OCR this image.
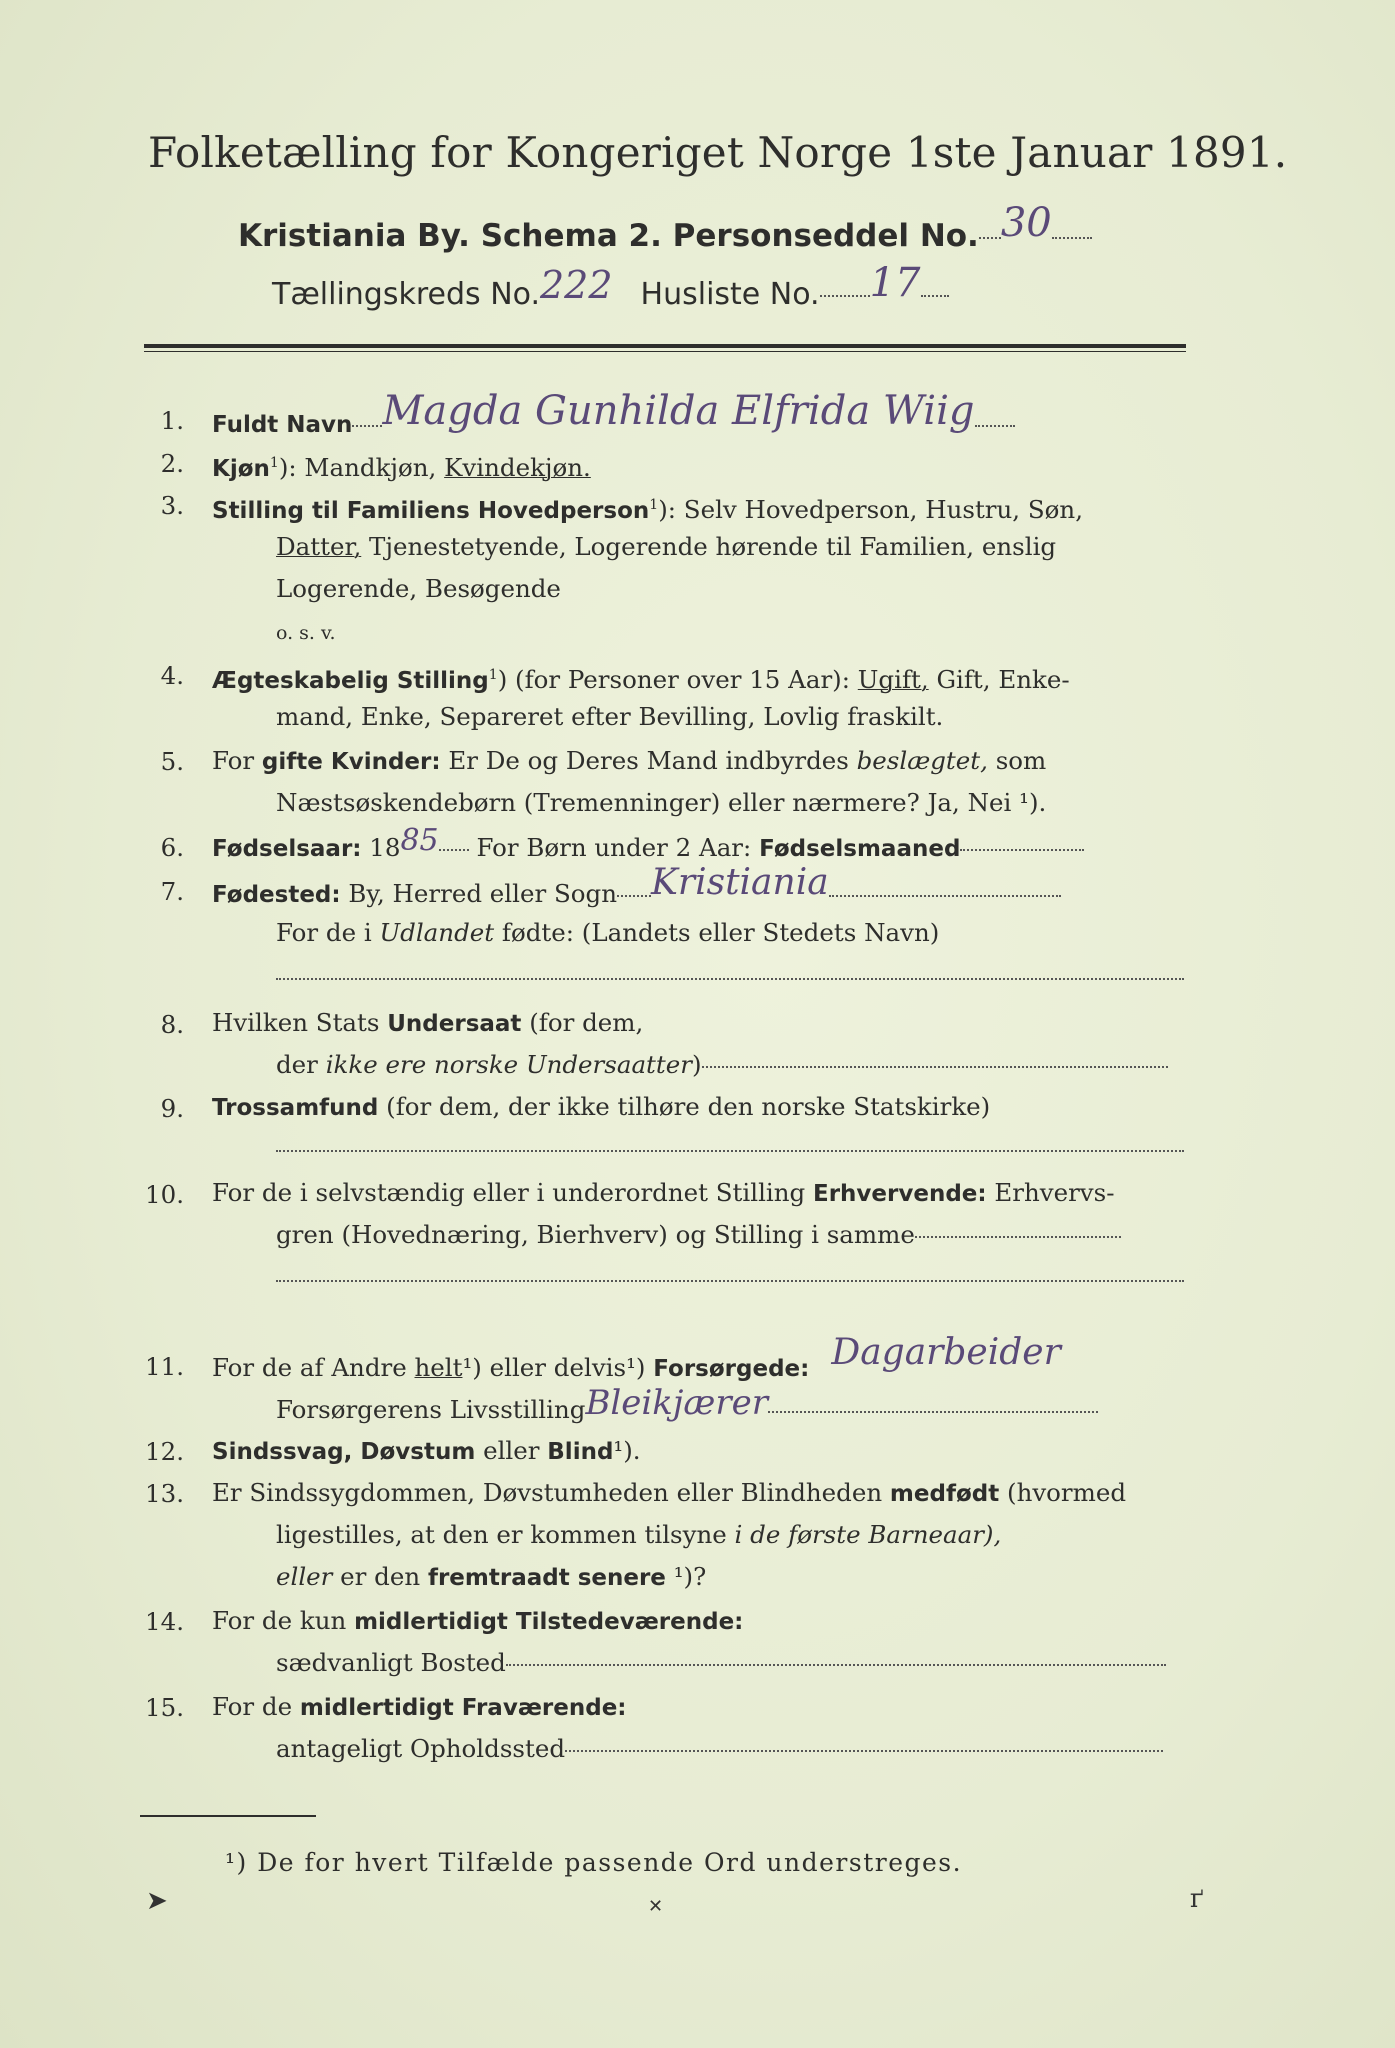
Folketælling for Kongeriget Norge 1ste Januar 1891.
Kristiania By. Schema 2. Personseddel No. 30
Tællingskreds No.222 Husliste No. 17
1. Fuldt Navn Magda Gunhilda Elfrida Wiig
2. Kjøn$^1$): Mandkjøn, Kvindekjøn.
3. Stilling til Familiens Hovedperson$^1$): Selv Hovedperson, Hustru, Søn,
Datter, Tjenestetyende, Logerende hørende til Familien, enslig
Logerende, Besøgende
o. s. v.
4. Ægteskabelig Stilling$^1$) (for Personer over 15 Aar): Ugift, Gift, Enke-
mand, Enke, Separeret efter Bevilling, Lovlig fraskilt.
5. For gifte Kvinder: Er De og Deres Mand indbyrdes beslægtet, som
Næstsøskendebørn (Tremenninger) eller nærmere? Ja, Nei ¹).
6. Fødselsaar: 1885 For Børn under 2 Aar: Fødselsmaaned
7. Fødested: By, Herred eller Sogn Kristiania
For de i Udlandet fødte: (Landets eller Stedets Navn)
8. Hvilken Stats Undersaat (for dem,
der ikke ere norske Undersaatter)
9. Trossamfund (for dem, der ikke tilhøre den norske Statskirke)
10. For de i selvstændig eller i underordnet Stilling Erhvervende: Erhvervs-
gren (Hovednæring, Bierhverv) og Stilling i samme
11. For de af Andre helt¹) eller delvis¹) Forsørgede: Dagarbeider
Forsørgerens LivsstillingBleikjærer
12. Sindssvag, Døvstum eller Blind¹).
13. Er Sindssygdommen, Døvstumheden eller Blindheden medfødt (hvormed
ligestilles, at den er kommen tilsyne i de første Barneaar),
eller er den fremtraadt senere ¹)?
14. For de kun midlertidigt Tilstedeværende:
sædvanligt Bosted
15. For de midlertidigt Fraværende:
antageligt Opholdssted
¹) De for hvert Tilfælde passende Ord understreges.
➤	✕	ґ
